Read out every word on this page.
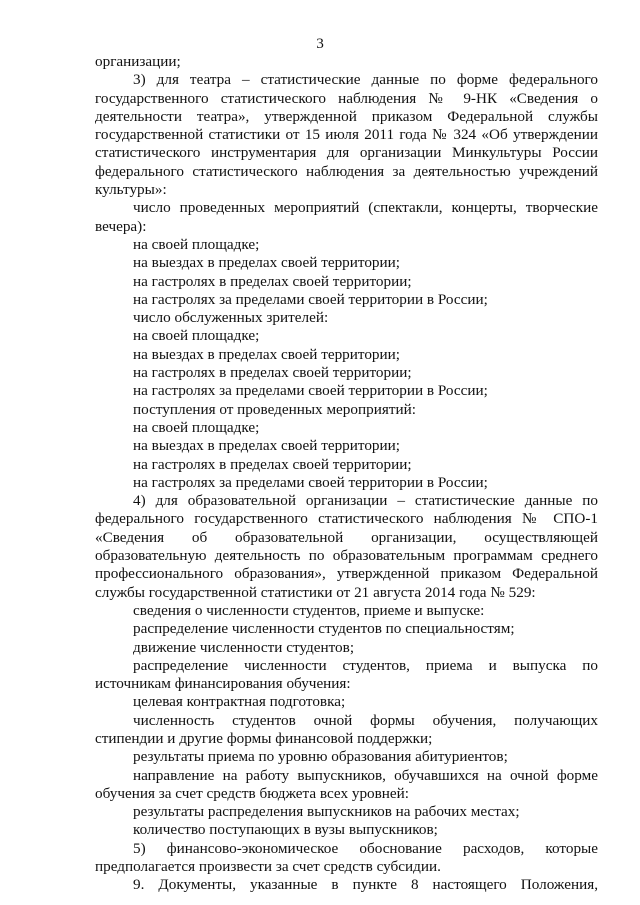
3
организации;
3) для театра – статистические данные по форме федерального
государственного статистического наблюдения № 9-НК «Сведения о
деятельности театра», утвержденной приказом Федеральной службы
государственной статистики от 15 июля 2011 года № 324 «Об утверждении
статистического инструментария для организации Минкультуры России
федерального статистического наблюдения за деятельностью учреждений
культуры»:
число проведенных мероприятий (спектакли, концерты, творческие
вечера):
на своей площадке;
на выездах в пределах своей территории;
на гастролях в пределах своей территории;
на гастролях за пределами своей территории в России;
число обслуженных зрителей:
на своей площадке;
на выездах в пределах своей территории;
на гастролях в пределах своей территории;
на гастролях за пределами своей территории в России;
поступления от проведенных мероприятий:
на своей площадке;
на выездах в пределах своей территории;
на гастролях в пределах своей территории;
на гастролях за пределами своей территории в России;
4) для образовательной организации – статистические данные по
федерального государственного статистического наблюдения № СПО-1
«Сведения об образовательной организации, осуществляющей
образовательную деятельность по образовательным программам среднего
профессионального образования», утвержденной приказом Федеральной
службы государственной статистики от 21 августа 2014 года № 529:
сведения о численности студентов, приеме и выпуске:
распределение численности студентов по специальностям;
движение численности студентов;
распределение численности студентов, приема и выпуска по
источникам финансирования обучения:
целевая контрактная подготовка;
численность студентов очной формы обучения, получающих
стипендии и другие формы финансовой поддержки;
результаты приема по уровню образования абитуриентов;
направление на работу выпускников, обучавшихся на очной форме
обучения за счет средств бюджета всех уровней:
результаты распределения выпускников на рабочих местах;
количество поступающих в вузы выпускников;
5) финансово-экономическое обоснование расходов, которые
предполагается произвести за счет средств субсидии.
9. Документы, указанные в пункте 8 настоящего Положения,
